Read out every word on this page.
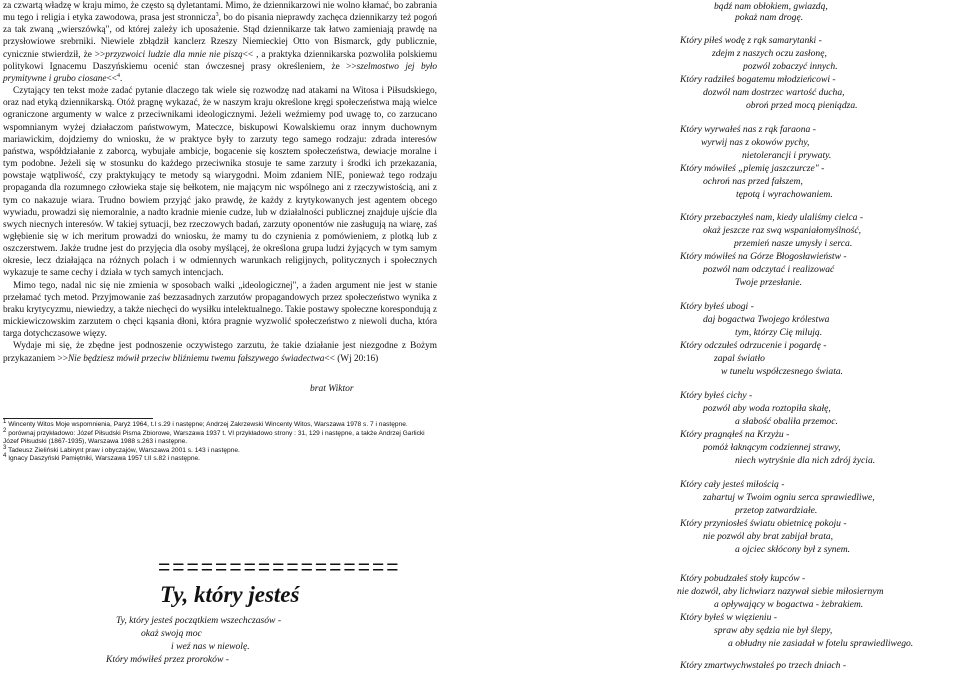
za czwartą władzę w kraju mimo, że często są dyletantami. Mimo, że dziennikarzowi nie wolno kłamać, bo zabrania mu tego i religia i etyka zawodowa, prasa jest stronnicza$^3$, bo do pisania nieprawdy zachęca dziennikarzy też pogoń za tak zwaną „wierszówką", od której zależy ich uposażenie. Stąd dziennikarze tak łatwo zamieniają prawdę na przysłowiowe srebrniki. Niewiele zbłądził kanclerz Rzeszy Niemieckiej Otto von Bismarck, gdy publicznie, cynicznie stwierdził, że >>przyzwoici ludzie dla mnie nie piszą<< , a praktyka dziennikarska pozwoliła polskiemu politykowi Ignacemu Daszyńskiemu ocenić stan ówczesnej prasy określeniem, że >>szelmostwo jej było prymitywne i grubo ciosane<<$^4$.

Czytający ten tekst może zadać pytanie dlaczego tak wiele się rozwodzę nad atakami na Witosa i Piłsudskiego, oraz nad etyką dziennikarską. Otóż pragnę wykazać, że w naszym kraju określone kręgi społeczeństwa mają wielce ograniczone argumenty w walce z przeciwnikami ideologicznymi. Jeżeli weźmiemy pod uwagę to, co zarzucano wspomnianym wyżej działaczom państwowym, Mateczce, biskupowi Kowalskiemu oraz innym duchownym mariawickim, dojdziemy do wniosku, że w praktyce były to zarzuty tego samego rodzaju: zdrada interesów państwa, współdziałanie z zaborcą, wybujałe ambicje, bogacenie się kosztem społeczeństwa, dewiacje moralne i tym podobne. Jeżeli się w stosunku do każdego przeciwnika stosuje te same zarzuty i środki ich przekazania, powstaje wątpliwość, czy praktykujący te metody są wiarygodni. Moim zdaniem NIE, ponieważ tego rodzaju propaganda dla rozumnego człowieka staje się bełkotem, nie mającym nic wspólnego ani z rzeczywistością, ani z tym co nakazuje wiara. Trudno bowiem przyjąć jako prawdę, że każdy z krytykowanych jest agentem obcego wywiadu, prowadzi się niemoralnie, a nadto kradnie mienie cudze, lub w działalności publicznej znajduje ujście dla swych niecnych interesów. W takiej sytuacji, bez rzeczowych badań, zarzuty oponentów nie zasługują na wiarę, zaś wgłębienie się w ich meritum prowadzi do wniosku, że mamy tu do czynienia z pomówieniem, z plotką lub z oszczerstwem. Jakże trudne jest do przyjęcia dla osoby myślącej, że określona grupa ludzi żyjących w tym samym okresie, lecz działająca na różnych polach i w odmiennych warunkach religijnych, politycznych i społecznych wykazuje te same cechy i działa w tych samych intencjach.

Mimo tego, nadal nic się nie zmienia w sposobach walki „ideologicznej", a żaden argument nie jest w stanie przełamać tych metod. Przyjmowanie zaś bezzasadnych zarzutów propagandowych przez społeczeństwo wynika z braku krytycyzmu, niewiedzy, a także niechęci do wysiłku intelektualnego. Takie postawy społeczne korespondują z mickiewiczowskim zarzutem o chęci kąsania dłoni, która pragnie wyzwolić społeczeństwo z niewoli ducha, która targa dotychczasowe więzy.

Wydaje mi się, że zbędne jest podnoszenie oczywistego zarzutu, że takie działanie jest niezgodne z Bożym przykazaniem >>Nie będziesz mówił przeciw bliźniemu twemu fałszywego świadectwa<< (Wj 20:16)

brat Wiktor

$^1$ Wincenty Witos Moje wspomnienia, Paryż 1964, t.I s.29 i następne; Andrzej Zakrzewski Wincenty Witos, Warszawa 1978 s. 7 i następne.

$^2$ porównaj przykładowo: Józef Piłsudski Pisma Zbiorowe, Warszawa 1937 t. VI przykładowo strony : 31, 129 i następne, a także Andrzej Garlicki Józef Piłsudski (1867-1935), Warszawa 1988 s.263 i następne.

$^3$ Tadeusz Zieliński Labirynt praw i obyczajów, Warszawa 2001 s. 143 i następne.

$^4$ Ignacy Daszyński Pamiętniki, Warszawa 1957 t.II s.82 i następne.

=================
Ty, który jesteś
Ty, który jesteś początkiem wszechczasów -
okaż swoją moc
i weź nas w niewolę.
Który mówiłeś przez proroków -
bądź nam obłokiem, gwiazdą,
pokaż nam drogę.
Który piłeś wodę z rąk samarytanki -
zdejm z naszych oczu zasłonę,
pozwól zobaczyć innych.
Który radziłeś bogatemu młodzieńcowi -
dozwól nam dostrzec wartość ducha,
obroń przed mocą pieniądza.
Który wyrwałeś nas z rąk faraona -
wyrwij nas z okowów pychy,
nietolerancji i prywaty.
Który mówiłeś „plemię jaszczurcze" -
ochroń nas przed fałszem,
tępotą i wyrachowaniem.
Który przebaczyłeś nam, kiedy ulaliśmy cielca -
okaż jeszcze raz swą wspaniałomyślność,
przemień nasze umysły i serca.
Który mówiłeś na Górze Błogosławieństw -
pozwól nam odczytać i realizować
Twoje przesłanie.
Który byłeś ubogi -
daj bogactwa Twojego królestwa
tym, którzy Cię milują.
Który odczułeś odrzucenie i pogardę -
zapal światło
w tunelu współczesnego świata.
Który byłeś cichy -
pozwól aby woda roztopiła skałę,
a słabość obaliła przemoc.
Który pragnąłeś na Krzyżu -
pomóż łaknącym codziennej strawy,
niech wytryśnie dla nich zdrój życia.
Który cały jesteś miłością -
zahartuj w Twoim ogniu serca sprawiedliwe,
przetop zatwardziałe.
Który przyniosłeś światu obietnicę pokoju -
nie pozwól aby brat zabijał brata,
a ojciec skłócony był z synem.
Który pobudzałeś stoły kupców -
nie dozwól, aby lichwiarz nazywał siebie miłosiernym
a opływający w bogactwa - żebrakiem.
Który byłeś w więzieniu -
spraw aby sędzia nie był ślepy,
a obłudny nie zasiadał w fotelu sprawiedliwego.
Który zmartwychwstałeś po trzech dniach -
